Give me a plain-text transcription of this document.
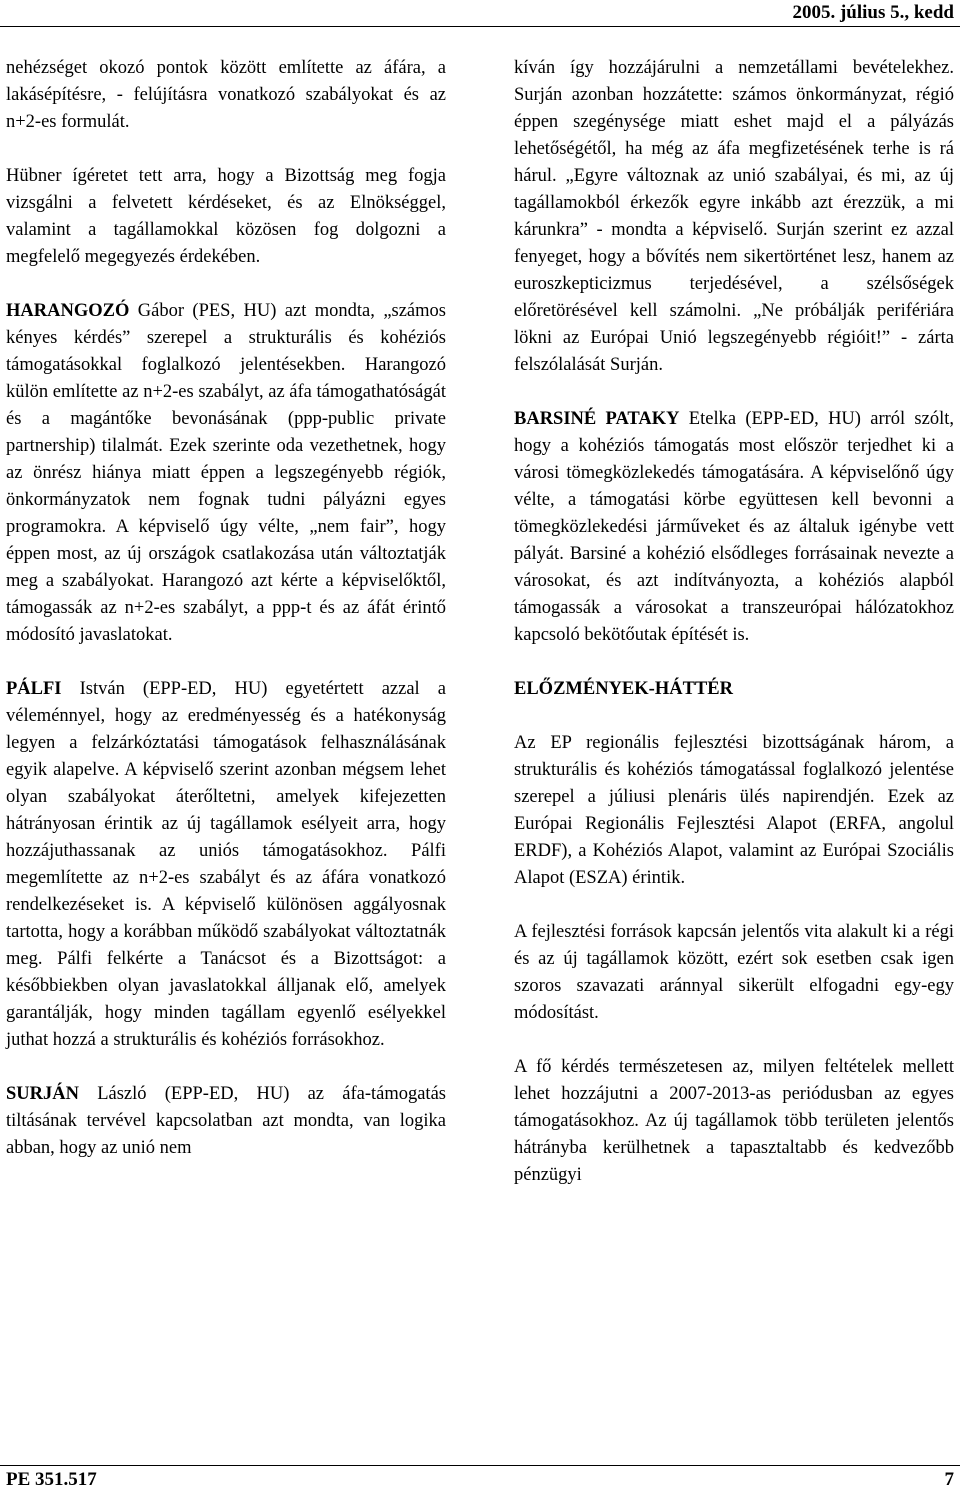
2005. július 5., kedd

nehézséget okozó pontok között említette az áfára, a lakásépítésre, - felújításra vonatkozó szabályokat és az n+2-es formulát.

Hübner ígéretet tett arra, hogy a Bizottság meg fogja vizsgálni a felvetett kérdéseket, és az Elnökséggel, valamint a tagállamokkal közösen fog dolgozni a megfelelő megegyezés érdekében.

HARANGOZÓ Gábor (PES, HU) azt mondta, „számos kényes kérdés” szerepel a strukturális és kohéziós támogatásokkal foglalkozó jelentésekben. Harangozó külön említette az n+2-es szabályt, az áfa támogathatóságát és a magántőke bevonásának (ppp-public private partnership) tilalmát. Ezek szerinte oda vezethetnek, hogy az önrész hiánya miatt éppen a legszegényebb régiók, önkormányzatok nem fognak tudni pályázni egyes programokra. A képviselő úgy vélte, „nem fair”, hogy éppen most, az új országok csatlakozása után változtatják meg a szabályokat. Harangozó azt kérte a képviselőktől, támogassák az n+2-es szabályt, a ppp-t és az áfát érintő módosító javaslatokat.

PÁLFI István (EPP-ED, HU) egyetértett azzal a véleménnyel, hogy az eredményesség és a hatékonyság legyen a felzárkóztatási támogatások felhasználásának egyik alapelve. A képviselő szerint azonban mégsem lehet olyan szabályokat áterőltetni, amelyek kifejezetten hátrányosan érintik az új tagállamok esélyeit arra, hogy hozzájuthassanak az uniós támogatásokhoz. Pálfi megemlítette az n+2-es szabályt és az áfára vonatkozó rendelkezéseket is. A képviselő különösen aggályosnak tartotta, hogy a korábban működő szabályokat változtatnák meg. Pálfi felkérte a Tanácsot és a Bizottságot: a későbbiekben olyan javaslatokkal álljanak elő, amelyek garantálják, hogy minden tagállam egyenlő esélyekkel juthat hozzá a strukturális és kohéziós forrásokhoz.

SURJÁN László (EPP-ED, HU) az áfa-támogatás tiltásának tervével kapcsolatban azt mondta, van logika abban, hogy az unió nem

kíván így hozzájárulni a nemzetállami bevételekhez. Surján azonban hozzátette: számos önkormányzat, régió éppen szegénysége miatt eshet majd el a pályázás lehetőségétől, ha még az áfa megfizetésének terhe is rá hárul. „Egyre változnak az unió szabályai, és mi, az új tagállamokból érkezők egyre inkább azt érezzük, a mi kárunkra” - mondta a képviselő. Surján szerint ez azzal fenyeget, hogy a bővítés nem sikertörténet lesz, hanem az euroszkepticizmus terjedésével, a szélsőségek előretörésével kell számolni. „Ne próbálják perifériára lökni az Európai Unió legszegényebb régióit!” - zárta felszólalását Surján.

BARSINÉ PATAKY Etelka (EPP-ED, HU) arról szólt, hogy a kohéziós támogatás most először terjedhet ki a városi tömegközlekedés támogatására. A képviselőnő úgy vélte, a támogatási körbe együttesen kell bevonni a tömegközlekedési járműveket és az általuk igénybe vett pályát. Barsiné a kohézió elsődleges forrásainak nevezte a városokat, és azt indítványozta, a kohéziós alapból támogassák a városokat a transzeurópai hálózatokhoz kapcsoló bekötőutak építését is.

ELŐZMÉNYEK-HÁTTÉR

Az EP regionális fejlesztési bizottságának három, a strukturális és kohéziós támogatással foglalkozó jelentése szerepel a júliusi plenáris ülés napirendjén. Ezek az Európai Regionális Fejlesztési Alapot (ERFA, angolul ERDF), a Kohéziós Alapot, valamint az Európai Szociális Alapot (ESZA) érintik.

A fejlesztési források kapcsán jelentős vita alakult ki a régi és az új tagállamok között, ezért sok esetben csak igen szoros szavazati aránnyal sikerült elfogadni egy-egy módosítást.

A fő kérdés természetesen az, milyen feltételek mellett lehet hozzájutni a 2007-2013-as periódusban az egyes támogatásokhoz. Az új tagállamok több területen jelentős hátrányba kerülhetnek a tapasztaltabb és kedvezőbb pénzügyi

PE 351.517	7
